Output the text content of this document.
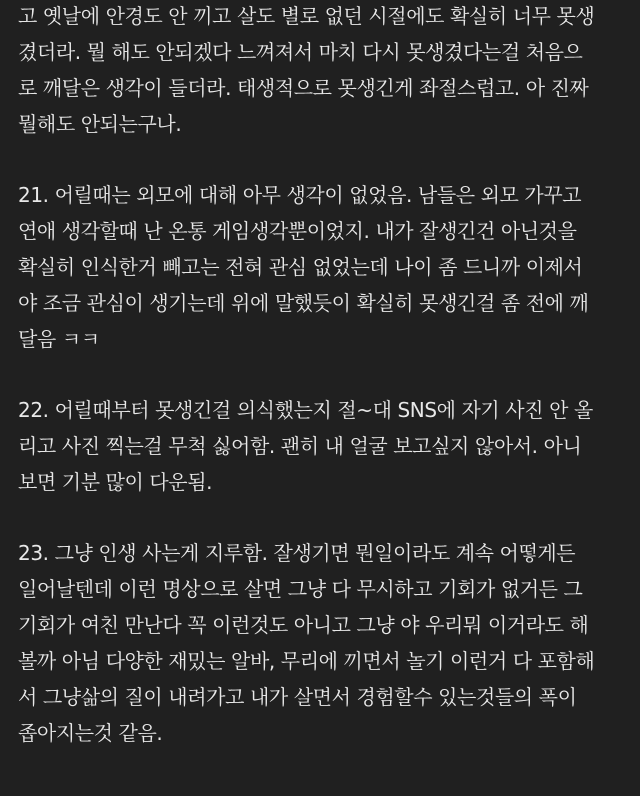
고 옛날에 안경도 안 끼고 살도 별로 없던 시절에도 확실히 너무 못생
겼더라. 뭘 해도 안되겠다 느껴져서 마치 다시 못생겼다는걸 처음으
로 깨달은 생각이 들더라. 태생적으로 못생긴게 좌절스럽고. 아 진짜
뭘해도 안되는구나.
21. 어릴때는 외모에 대해 아무 생각이 없었음. 남들은 외모 가꾸고
연애 생각할때 난 온통 게임생각뿐이었지. 내가 잘생긴건 아닌것을
확실히 인식한거 빼고는 전혀 관심 없었는데 나이 좀 드니까 이제서
야 조금 관심이 생기는데 위에 말했듯이 확실히 못생긴걸 좀 전에 깨
달음 ㅋㅋ
22. 어릴때부터 못생긴걸 의식했는지 절~대 SNS에 자기 사진 안 올
리고 사진 찍는걸 무척 싫어함. 괜히 내 얼굴 보고싶지 않아서. 아니
보면 기분 많이 다운됨.
23. 그냥 인생 사는게 지루함. 잘생기면 뭔일이라도 계속 어떻게든
일어날텐데 이런 명상으로 살면 그냥 다 무시하고 기회가 없거든 그
기회가 여친 만난다 꼭 이런것도 아니고 그냥 야 우리뭐 이거라도 해
볼까 아님 다양한 재밌는 알바, 무리에 끼면서 놀기 이런거 다 포함해
서 그냥삶의 질이 내려가고 내가 살면서 경험할수 있는것들의 폭이
좁아지는것 같음.
